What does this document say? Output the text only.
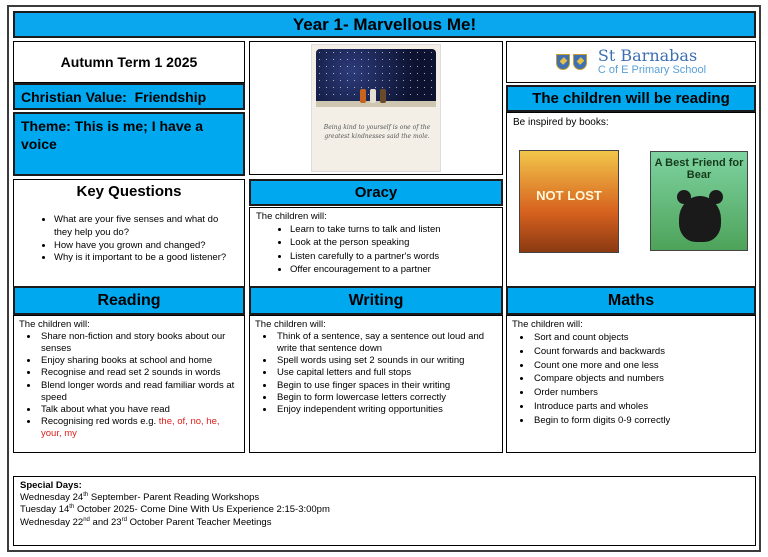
Year 1- Marvellous Me!
Autumn Term 1 2025
Christian Value:
Friendship
Theme: This is me; I have a voice
Being kind to yourself is one of the greatest kindnesses said the mole.
St Barnabas
C of E Primary School
The children will be reading
Be inspired by books:
NOT LOST
A Best Friend for Bear
Key Questions
• What are your five senses and what do they help you do?
• How have you grown and changed?
• Why is it important to be a good listener?
Oracy
The children will:
• Learn to take turns to talk and listen
• Look at the person speaking
• Listen carefully to a partner's words
• Offer encouragement to a partner
Reading
The children will:
• Share non-fiction and story books about our senses
• Enjoy sharing books at school and home
• Recognise and read set 2 sounds in words
• Blend longer words and read familiar words at speed
• Talk about what you have read
• Recognising red words e.g. the, of, no, he, your, my
Writing
The children will:
• Think of a sentence, say a sentence out loud and write that sentence down
• Spell words using set 2 sounds in our writing
• Use capital letters and full stops
• Begin to use finger spaces in their writing
• Begin to form lowercase letters correctly
• Enjoy independent writing opportunities
Maths
The children will:
• Sort and count objects
• Count forwards and backwards
• Count one more and one less
• Compare objects and numbers
• Order numbers
• Introduce parts and wholes
• Begin to form digits 0-9 correctly
Special Days:
Wednesday 24th September- Parent Reading Workshops
Tuesday 14th October 2025- Come Dine With Us Experience 2:15-3:00pm
Wednesday 22nd and 23rd October Parent Teacher Meetings
